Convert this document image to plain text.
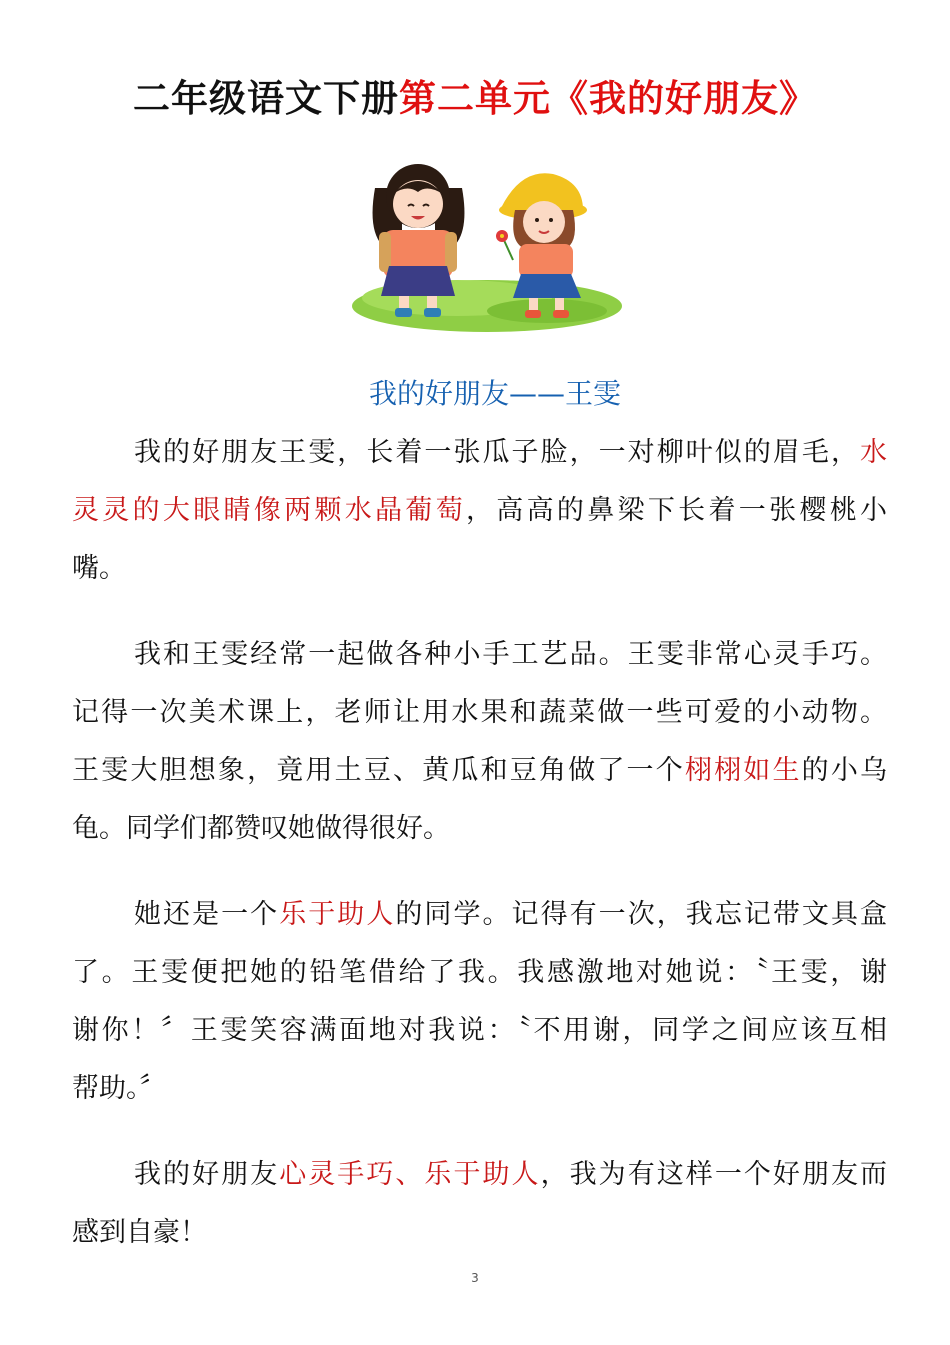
二年级语文下册第二单元《我的好朋友》
我的好朋友——王雯
我的好朋友王雯，长着一张瓜子脸，一对柳叶似的眉毛，水
灵灵的大眼睛像两颗水晶葡萄，高高的鼻梁下长着一张樱桃小
嘴。
我和王雯经常一起做各种小手工艺品。王雯非常心灵手巧。
记得一次美术课上，老师让用水果和蔬菜做一些可爱的小动物。
王雯大胆想象，竟用土豆、黄瓜和豆角做了一个栩栩如生的小乌
龟。同学们都赞叹她做得很好。
她还是一个乐于助人的同学。记得有一次，我忘记带文具盒
了。王雯便把她的铅笔借给了我。我感激地对她说：〝王雯，谢
谢你！〞王雯笑容满面地对我说：〝不用谢，同学之间应该互相
帮助。〞
我的好朋友心灵手巧、乐于助人，我为有这样一个好朋友而
感到自豪！
3
